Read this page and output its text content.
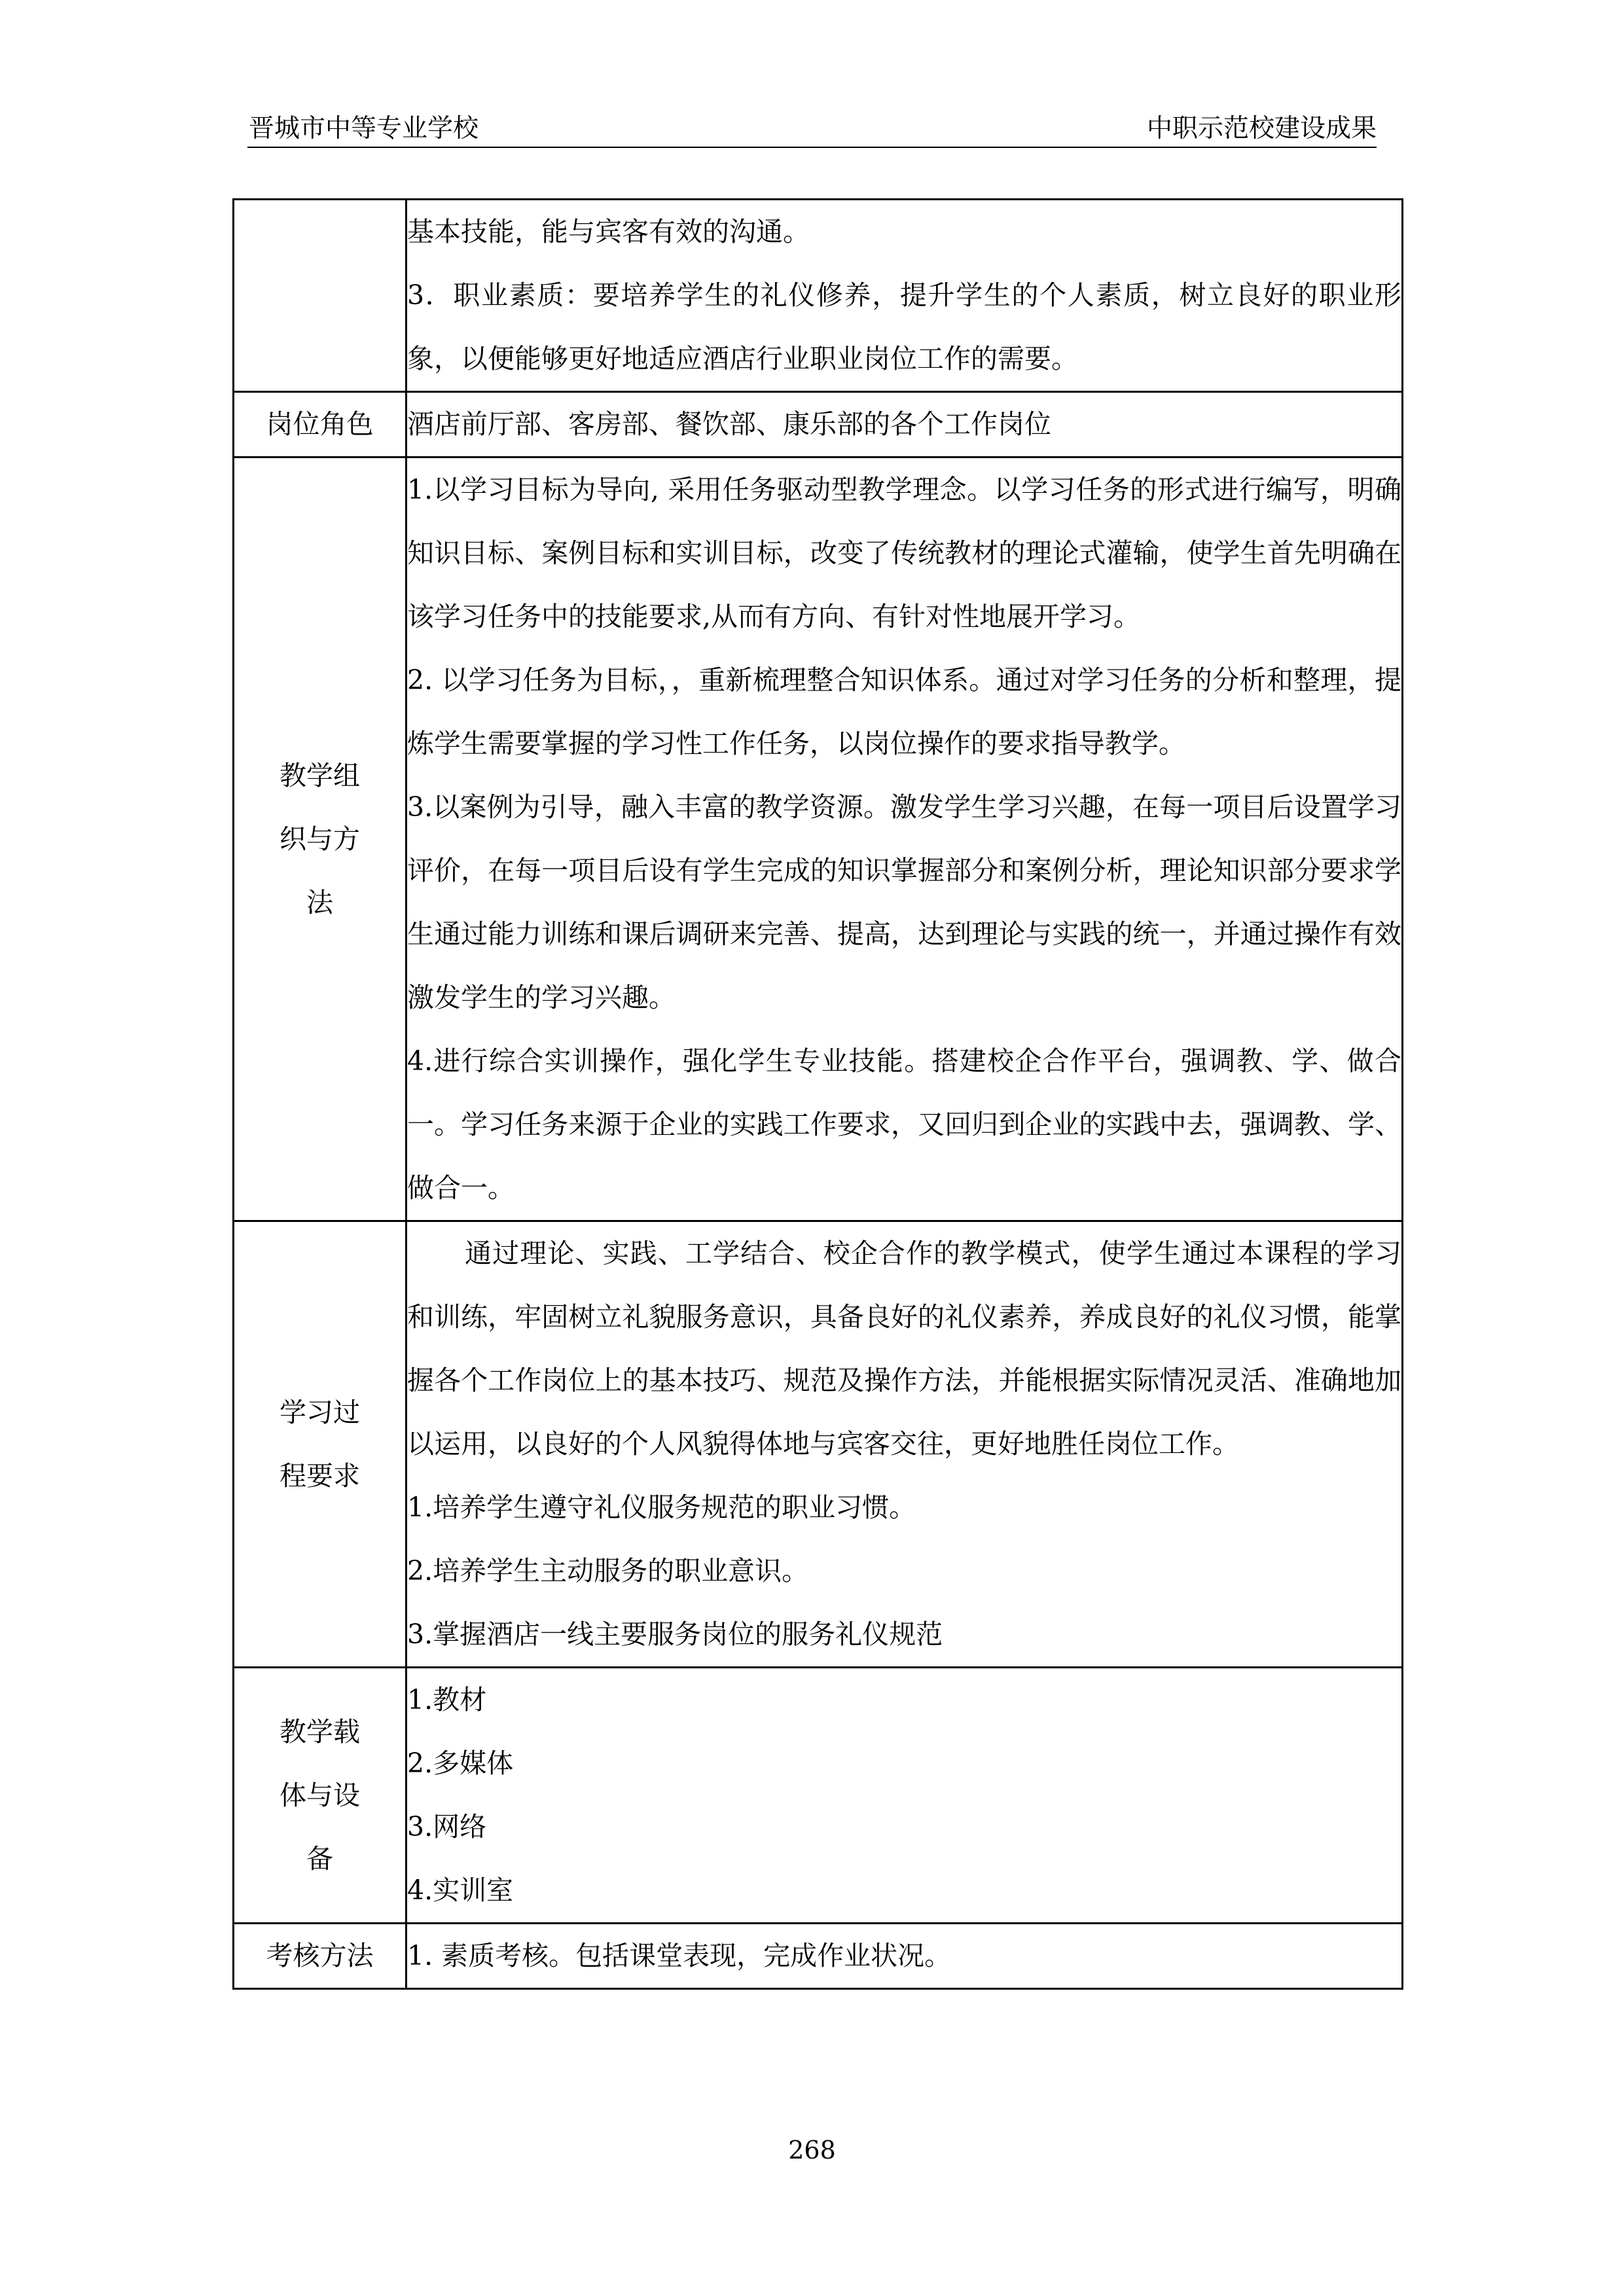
晋城市中等专业学校	中职示范校建设成果

	基本技能，能与宾客有效的沟通。

3．职业素质：要培养学生的礼仪修养，提升学生的个人素质，树立良好的职业形象，以便能够更好地适应酒店行业职业岗位工作的需要。

岗位角色	酒店前厅部、客房部、餐饮部、康乐部的各个工作岗位

教学组织与方法	1.以学习目标为导向, 采用任务驱动型教学理念。以学习任务的形式进行编写，明确知识目标、案例目标和实训目标，改变了传统教材的理论式灌输，使学生首先明确在该学习任务中的技能要求,从而有方向、有针对性地展开学习。

2. 以学习任务为目标，，重新梳理整合知识体系。通过对学习任务的分析和整理，提炼学生需要掌握的学习性工作任务，以岗位操作的要求指导教学。

3.以案例为引导，融入丰富的教学资源。激发学生学习兴趣，在每一项目后设置学习评价，在每一项目后设有学生完成的知识掌握部分和案例分析，理论知识部分要求学生通过能力训练和课后调研来完善、提高，达到理论与实践的统一，并通过操作有效激发学生的学习兴趣。

4.进行综合实训操作，强化学生专业技能。搭建校企合作平台，强调教、学、做合一。学习任务来源于企业的实践工作要求，又回归到企业的实践中去，强调教、学、做合一。

学习过程要求	通过理论、实践、工学结合、校企合作的教学模式，使学生通过本课程的学习和训练，牢固树立礼貌服务意识，具备良好的礼仪素养，养成良好的礼仪习惯，能掌握各个工作岗位上的基本技巧、规范及操作方法，并能根据实际情况灵活、准确地加以运用，以良好的个人风貌得体地与宾客交往，更好地胜任岗位工作。

1.培养学生遵守礼仪服务规范的职业习惯。

2.培养学生主动服务的职业意识。

3.掌握酒店一线主要服务岗位的服务礼仪规范

教学载体与设备	1.教材

2.多媒体

3.网络

4.实训室

考核方法	1. 素质考核。包括课堂表现，完成作业状况。

268
